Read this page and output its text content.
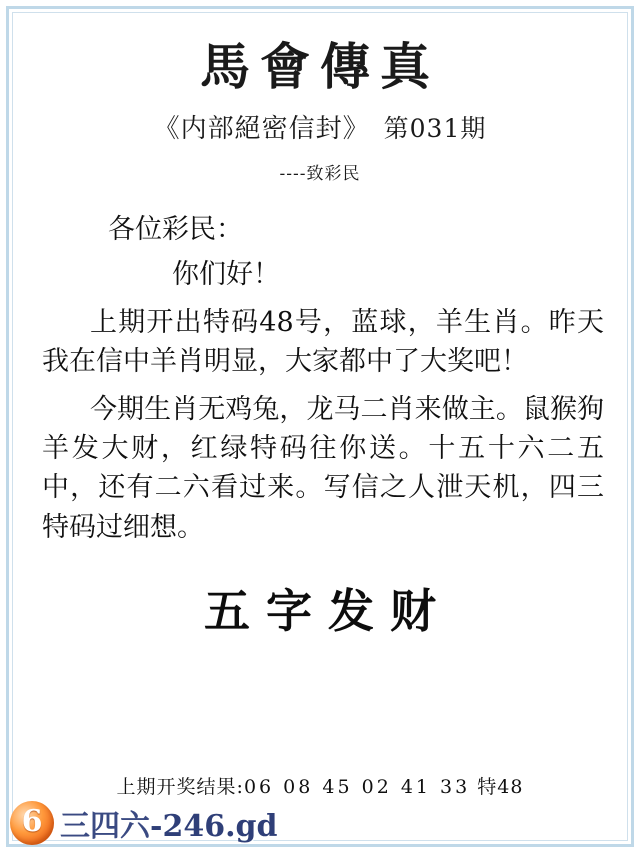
馬會傳真
《内部絕密信封》 第031期
----致彩民
各位彩民：
你们好！
上期开出特码48号，蓝球，羊生肖。昨天我在信中羊肖明显，大家都中了大奖吧！
今期生肖无鸡兔，龙马二肖来做主。鼠猴狗羊发大财，红绿特码往你送。十五十六二五中，还有二六看过来。写信之人泄天机，四三特码过细想。
五字发财
上期开奖结果:06 08 45 02 41 33 特48
6 三四六-246.gd
